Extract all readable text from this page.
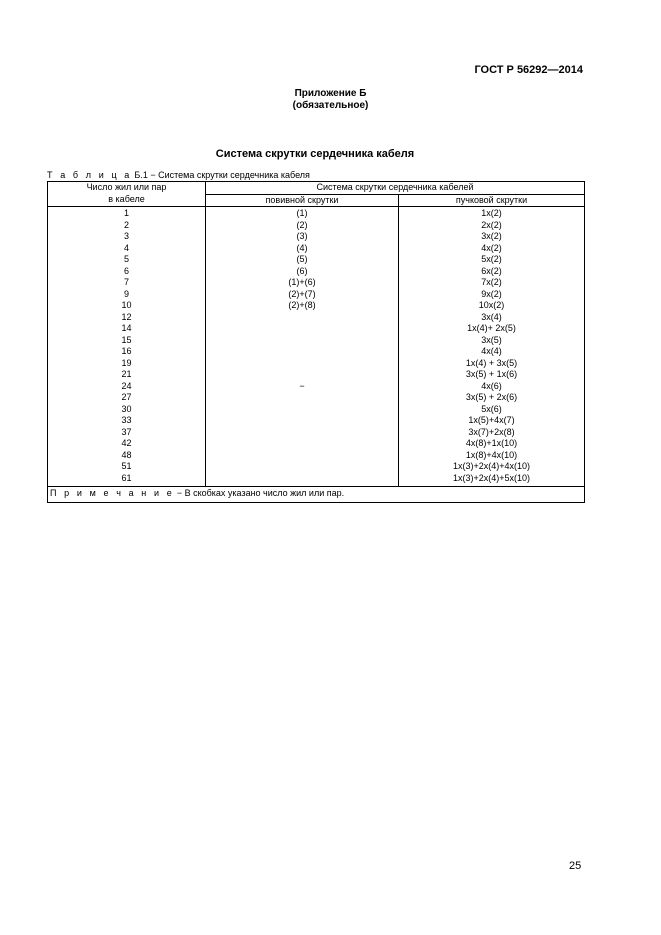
ГОСТ Р 56292—2014
Приложение Б
(обязательное)
Система скрутки сердечника кабеля
Т а б л и ц а Б.1 − Система скрутки сердечника кабеля
Число жил или пар
в кабеле	Система скрутки сердечника кабелей	
	повивной скрутки	пучковой скрутки
1	(1)	1x(2)
2	(2)	2x(2)
3	(3)	3x(2)
4	(4)	4x(2)
5	(5)	5x(2)
6	(6)	6x(2)
7	(1)+(6)	7x(2)
9	(2)+(7)	9x(2)
10	(2)+(8)	10x(2)
12		3x(4)
14		1x(4)+ 2x(5)
15		3x(5)
16		4x(4)
19		1x(4) + 3x(5)
21		3x(5) + 1x(6)
24	−	4x(6)
27		3x(5) + 2x(6)
30		5x(6)
33		1x(5)+4x(7)
37		3x(7)+2x(8)
42		4x(8)+1x(10)
48		1x(8)+4x(10)
51		1x(3)+2x(4)+4x(10)
61		1x(3)+2x(4)+5x(10)
П р и м е ч а н и е − В скобках указано число жил или пар.		
25
